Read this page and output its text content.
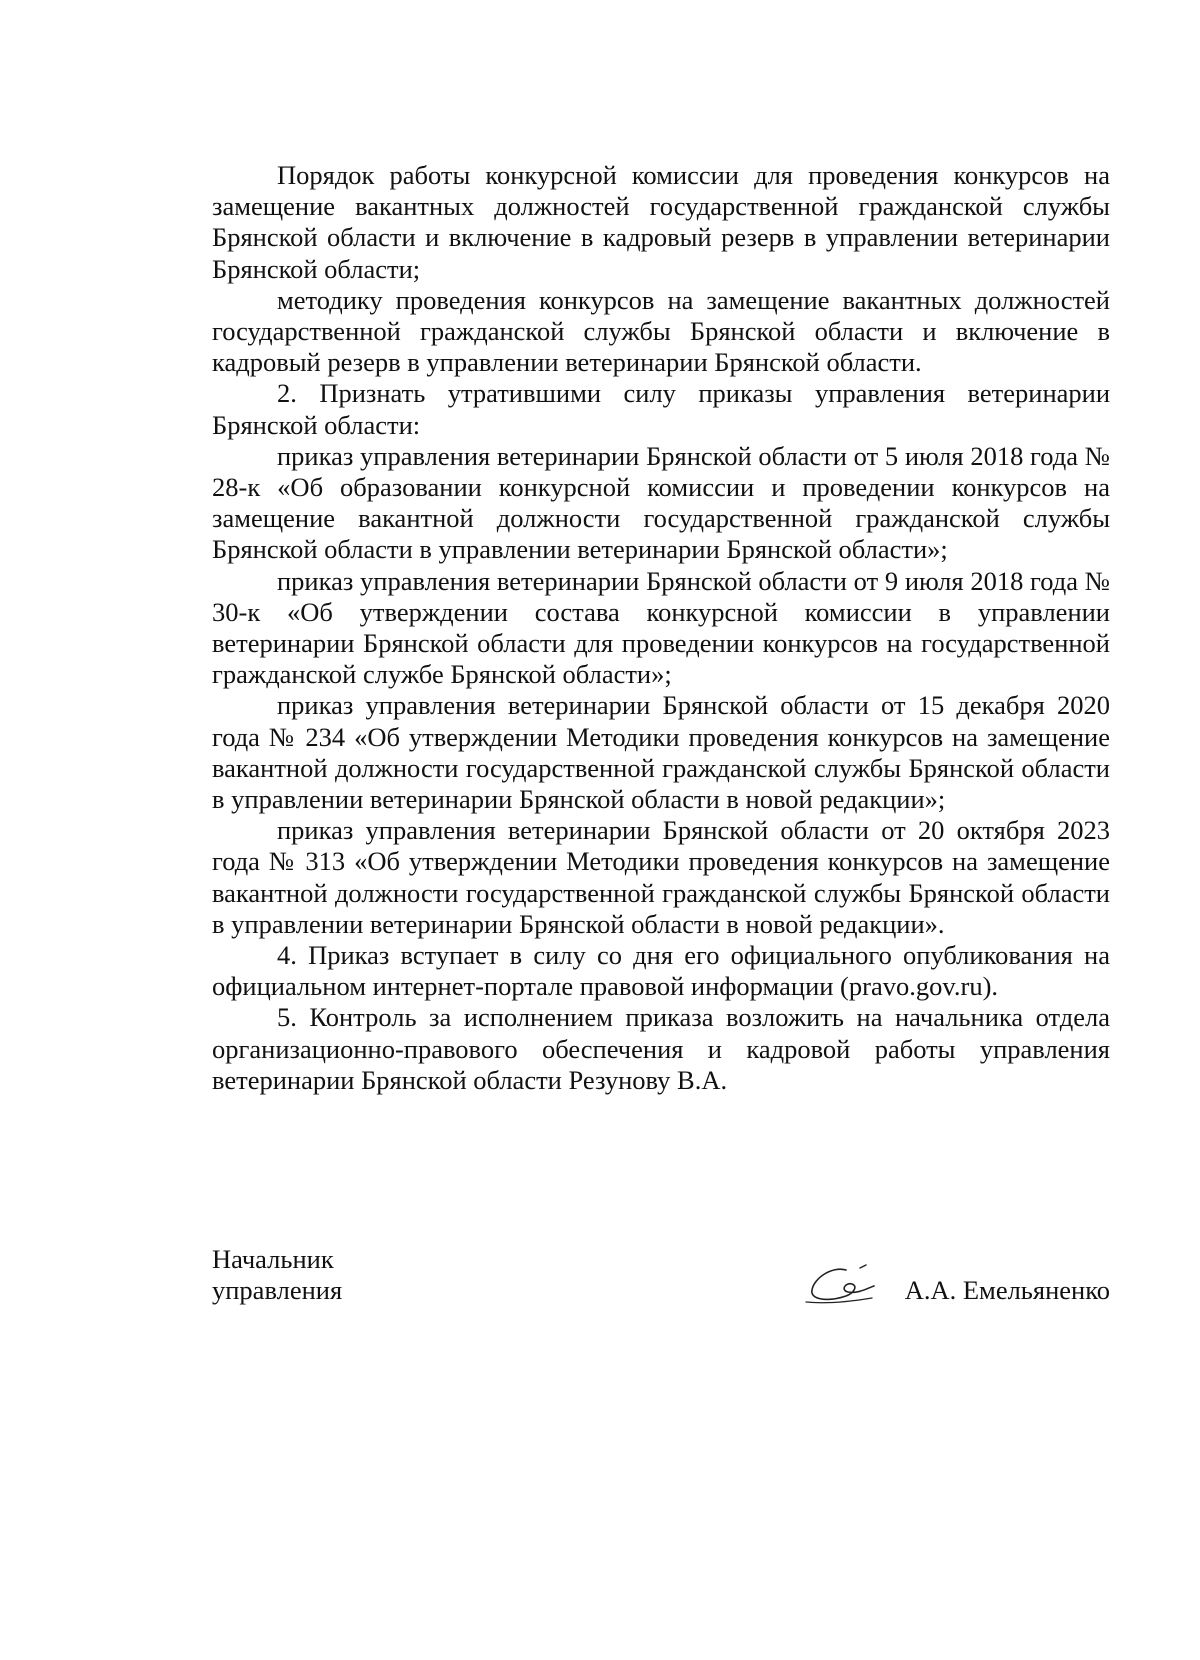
Порядок работы конкурсной комиссии для проведения конкурсов на замещение вакантных должностей государственной гражданской службы Брянской области и включение в кадровый резерв в управлении ветеринарии Брянской области;

методику проведения конкурсов на замещение вакантных должностей государственной гражданской службы Брянской области и включение в кадровый резерв в управлении ветеринарии Брянской области.

2. Признать утратившими силу приказы управления ветеринарии Брянской области:

приказ управления ветеринарии Брянской области от 5 июля 2018 года № 28-к «Об образовании конкурсной комиссии и проведении конкурсов на замещение вакантной должности государственной гражданской службы Брянской области в управлении ветеринарии Брянской области»;

приказ управления ветеринарии Брянской области от 9 июля 2018 года № 30-к «Об утверждении состава конкурсной комиссии в управлении ветеринарии Брянской области для проведении конкурсов на государственной гражданской службе Брянской области»;

приказ управления ветеринарии Брянской области от 15 декабря 2020 года № 234 «Об утверждении Методики проведения конкурсов на замещение вакантной должности государственной гражданской службы Брянской области в управлении ветеринарии Брянской области в новой редакции»;

приказ управления ветеринарии Брянской области от 20 октября 2023 года № 313 «Об утверждении Методики проведения конкурсов на замещение вакантной должности государственной гражданской службы Брянской области в управлении ветеринарии Брянской области в новой редакции».

4. Приказ вступает в силу со дня его официального опубликования на официальном интернет-портале правовой информации (pravo.gov.ru).

5. Контроль за исполнением приказа возложить на начальника отдела организационно-правового обеспечения и кадровой работы управления ветеринарии Брянской области Резунову В.А.

Начальник
управления	А.А. Емельяненко
